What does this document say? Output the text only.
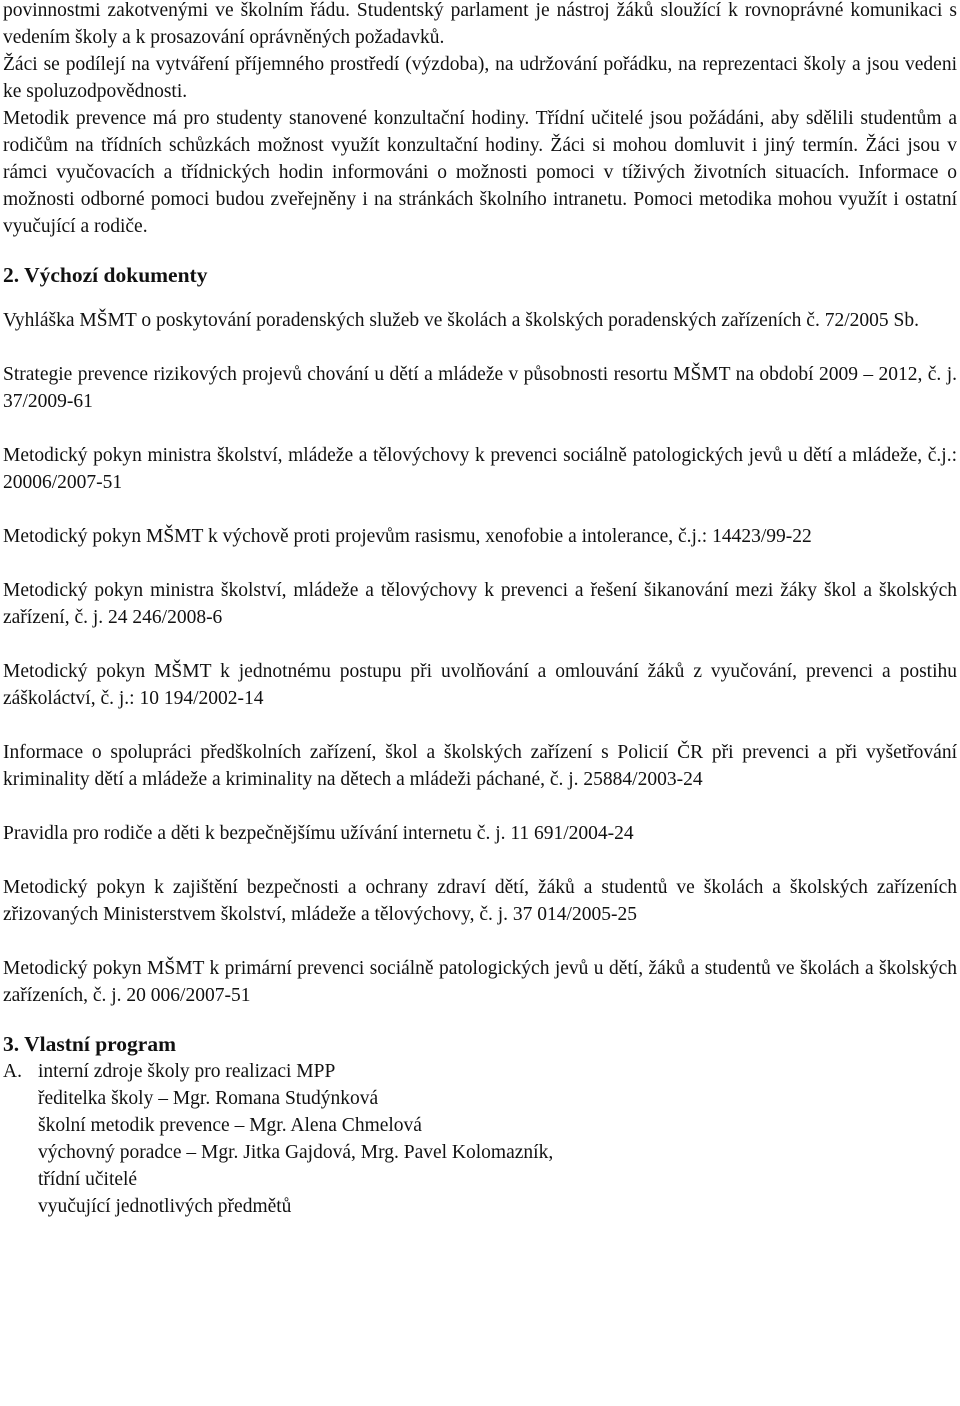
povinnostmi zakotvenými ve školním řádu. Studentský parlament je nástroj žáků sloužící k rovnoprávné komunikaci s vedením školy a k prosazování oprávněných požadavků.

Žáci se podílejí na vytváření příjemného prostředí (výzdoba), na udržování pořádku, na reprezentaci školy a jsou vedeni ke spoluzodpovědnosti.

Metodik prevence má pro studenty stanovené konzultační hodiny. Třídní učitelé jsou požádáni, aby sdělili studentům a rodičům na třídních schůzkách možnost využít konzultační hodiny. Žáci si mohou domluvit i jiný termín. Žáci jsou v rámci vyučovacích a třídnických hodin informováni o možnosti pomoci v tíživých životních situacích. Informace o možnosti odborné pomoci budou zveřejněny i na stránkách školního intranetu. Pomoci metodika mohou využít i ostatní vyučující a rodiče.

2. Výchozí dokumenty

Vyhláška MŠMT o poskytování poradenských služeb ve školách a školských poradenských zařízeních č. 72/2005 Sb.

Strategie prevence rizikových projevů chování u dětí a mládeže v působnosti resortu MŠMT na období 2009 – 2012, č. j. 37/2009-61

Metodický pokyn ministra školství, mládeže a tělovýchovy k prevenci sociálně patologických jevů u dětí a mládeže, č.j.: 20006/2007-51

Metodický pokyn MŠMT k výchově proti projevům rasismu, xenofobie a intolerance, č.j.: 14423/99-22

Metodický pokyn ministra školství, mládeže a tělovýchovy k prevenci a řešení šikanování mezi žáky škol a školských zařízení, č. j. 24 246/2008-6

Metodický pokyn MŠMT k jednotnému postupu při uvolňování a omlouvání žáků z vyučování, prevenci a postihu záškoláctví, č. j.: 10 194/2002-14

Informace o spolupráci předškolních zařízení, škol a školských zařízení s Policií ČR při prevenci a při vyšetřování kriminality dětí a mládeže a kriminality na dětech a mládeži páchané, č. j. 25884/2003-24

Pravidla pro rodiče a děti k bezpečnějšímu užívání internetu č. j. 11 691/2004-24

Metodický pokyn k zajištění bezpečnosti a ochrany zdraví dětí, žáků a studentů ve školách a školských zařízeních zřizovaných Ministerstvem školství, mládeže a tělovýchovy, č. j. 37 014/2005-25

Metodický pokyn MŠMT k primární prevenci sociálně patologických jevů u dětí, žáků a studentů ve školách a školských zařízeních, č. j. 20 006/2007-51

3. Vlastní program
A. interní zdroje školy pro realizaci MPP
ředitelka školy – Mgr. Romana Studýnková
školní metodik prevence – Mgr. Alena Chmelová
výchovný poradce – Mgr. Jitka Gajdová, Mrg. Pavel Kolomazník,
třídní učitelé
vyučující jednotlivých předmětů
